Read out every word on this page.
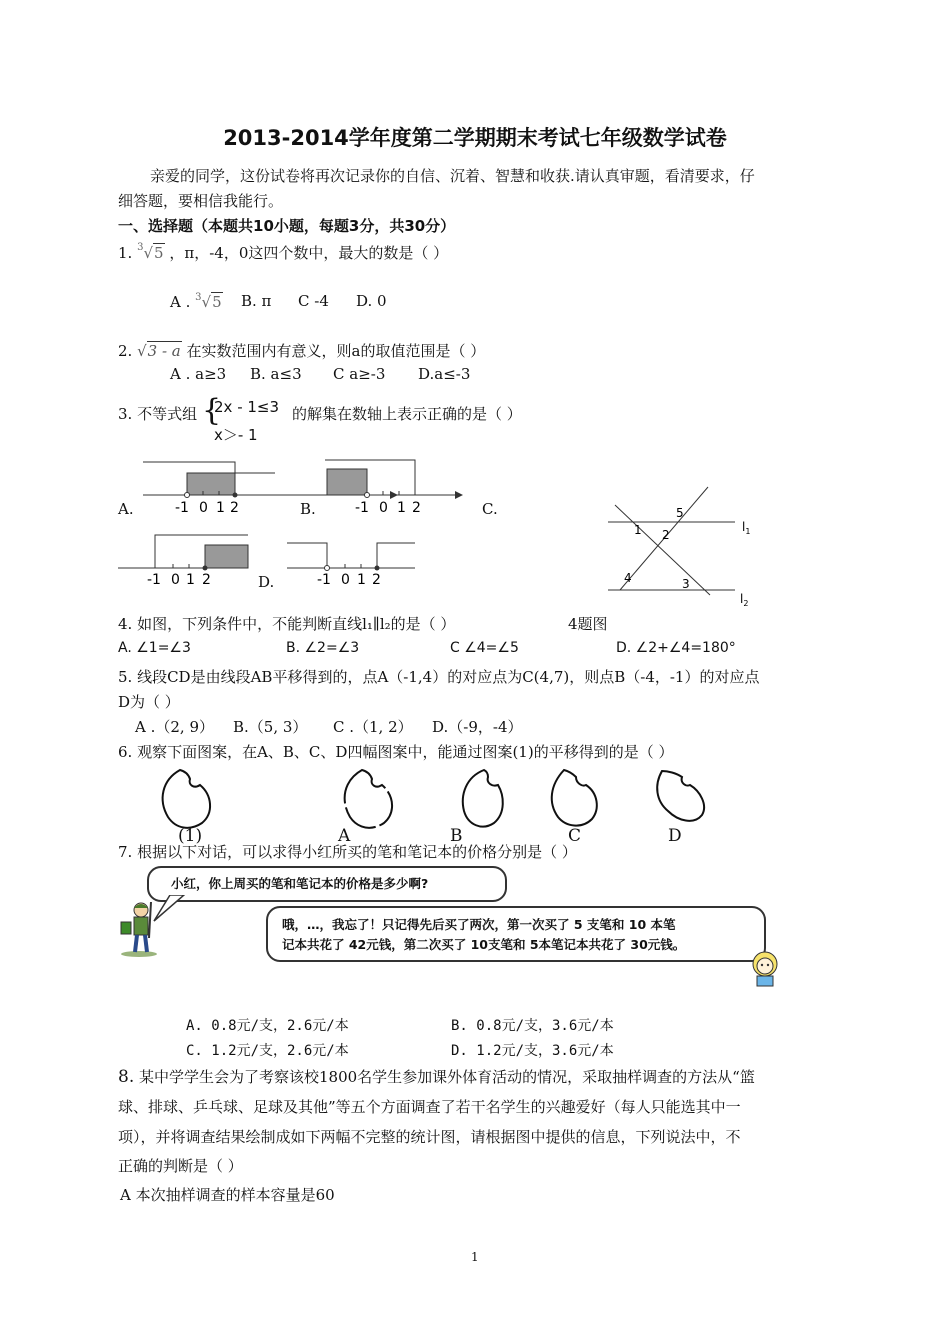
2013-2014学年度第二学期期末考试七年级数学试卷
亲爱的同学，这份试卷将再次记录你的自信、沉着、智慧和收获.请认真审题，看清要求，仔
细答题，要相信我能行。
一、选择题（本题共10小题，每题3分，共30分）
1. $^3$√5 ，π，-4，0这四个数中，最大的数是（ ）
A . $^3$√5 B. π C -4 D. 0
2. √3 - a 在实数范围内有意义，则a的取值范围是（ ）
A . a≥3 B. a≤3 C a≥-3 D.a≤-3
3. 不等式组 {
2x - 1≤3
x＞- 1
的解集在数轴上表示正确的是（ ）
-1 0 1 2	-1 0 1 2
-1 0 1 2	-1 0 1 2
A.	B.	C.
D.
$l_1$
$l_2$
1 2
3
4
5
4. 如图，下列条件中，不能判断直线l₁∥l₂的是（ ）	4题图
A. ∠1=∠3	B. ∠2=∠3	C ∠4=∠5	D. ∠2+∠4=180°
5. 线段CD是由线段AB平移得到的，点A（-1,4）的对应点为C(4,7)，则点B（-4，-1）的对应点
D为（ ）
A .（2, 9） B.（5, 3） C .（1, 2） D.（-9，-4）
6. 观察下面图案，在A、B、C、D四幅图案中，能通过图案(1)的平移得到的是（ ）
(1)	A	B	C	D
7. 根据以下对话，可以求得小红所买的笔和笔记本的价格分别是（ ）
小红，你上周买的笔和笔记本的价格是多少啊?
哦，…，我忘了！只记得先后买了两次，第一次买了 5 支笔和 10 本笔
记本共花了 42元钱，第二次买了 10支笔和 5本笔记本共花了 30元钱。
A. 0.8元/支，2.6元/本	B. 0.8元/支，3.6元/本
C. 1.2元/支，2.6元/本	D. 1.2元/支，3.6元/本
8. 某中学学生会为了考察该校1800名学生参加课外体育活动的情况，采取抽样调查的方法从“篮
球、排球、乒乓球、足球及其他”等五个方面调查了若干名学生的兴趣爱好（每人只能选其中一
项），并将调查结果绘制成如下两幅不完整的统计图，请根据图中提供的信息，下列说法中，不
正确的判断是（ ）
A 本次抽样调查的样本容量是60
1
